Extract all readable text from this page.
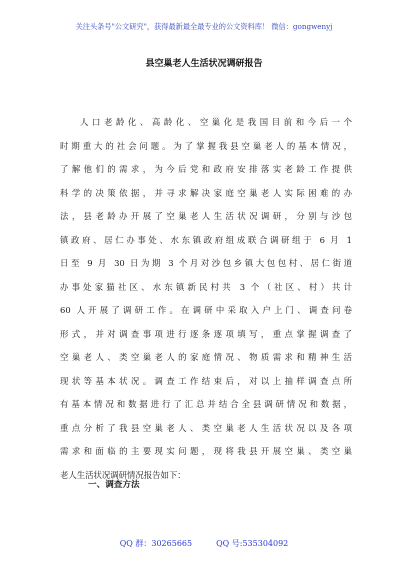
关注头条号"公文研究"，获得最新最全最专业的公文资料库！ 微信：gongwenyj
县空巢老人生活状况调研报告
人口老龄化、高龄化、空巢化是我国目前和今后一个
时期重大的社会问题。为了掌握我县空巢老人的基本情况，
了解他们的需求，为今后党和政府安排落实老龄工作提供
科学的决策依据，并寻求解决家庭空巢老人实际困难的办
法，县老龄办开展了空巢老人生活状况调研，分别与沙包
镇政府、居仁办事处、水东镇政府组成联合调研组于 6 月 1
日至 9 月 30 日为期 3 个月对沙包乡镇大包包村、居仁街道
办事处家猫社区、水东镇新民村共 3 个（社区、村）共计
60 人开展了调研工作。在调研中采取入户上门、调查问卷
形式，并对调查事项进行逐条逐项填写，重点掌握调查了
空巢老人、类空巢老人的家庭情况、物质需求和精神生活
现状等基本状况。调查工作结束后，对以上抽样调查点所
有基本情况和数据进行了汇总并结合全县调研情况和数据，
重点分析了我县空巢老人、类空巢老人生活状况以及各项
需求和面临的主要现实问题，现将我县开展空巢、类空巢
老人生活状况调研情况报告如下：
一、调查方法
QQ 群：30265665	QQ 号:535304092
